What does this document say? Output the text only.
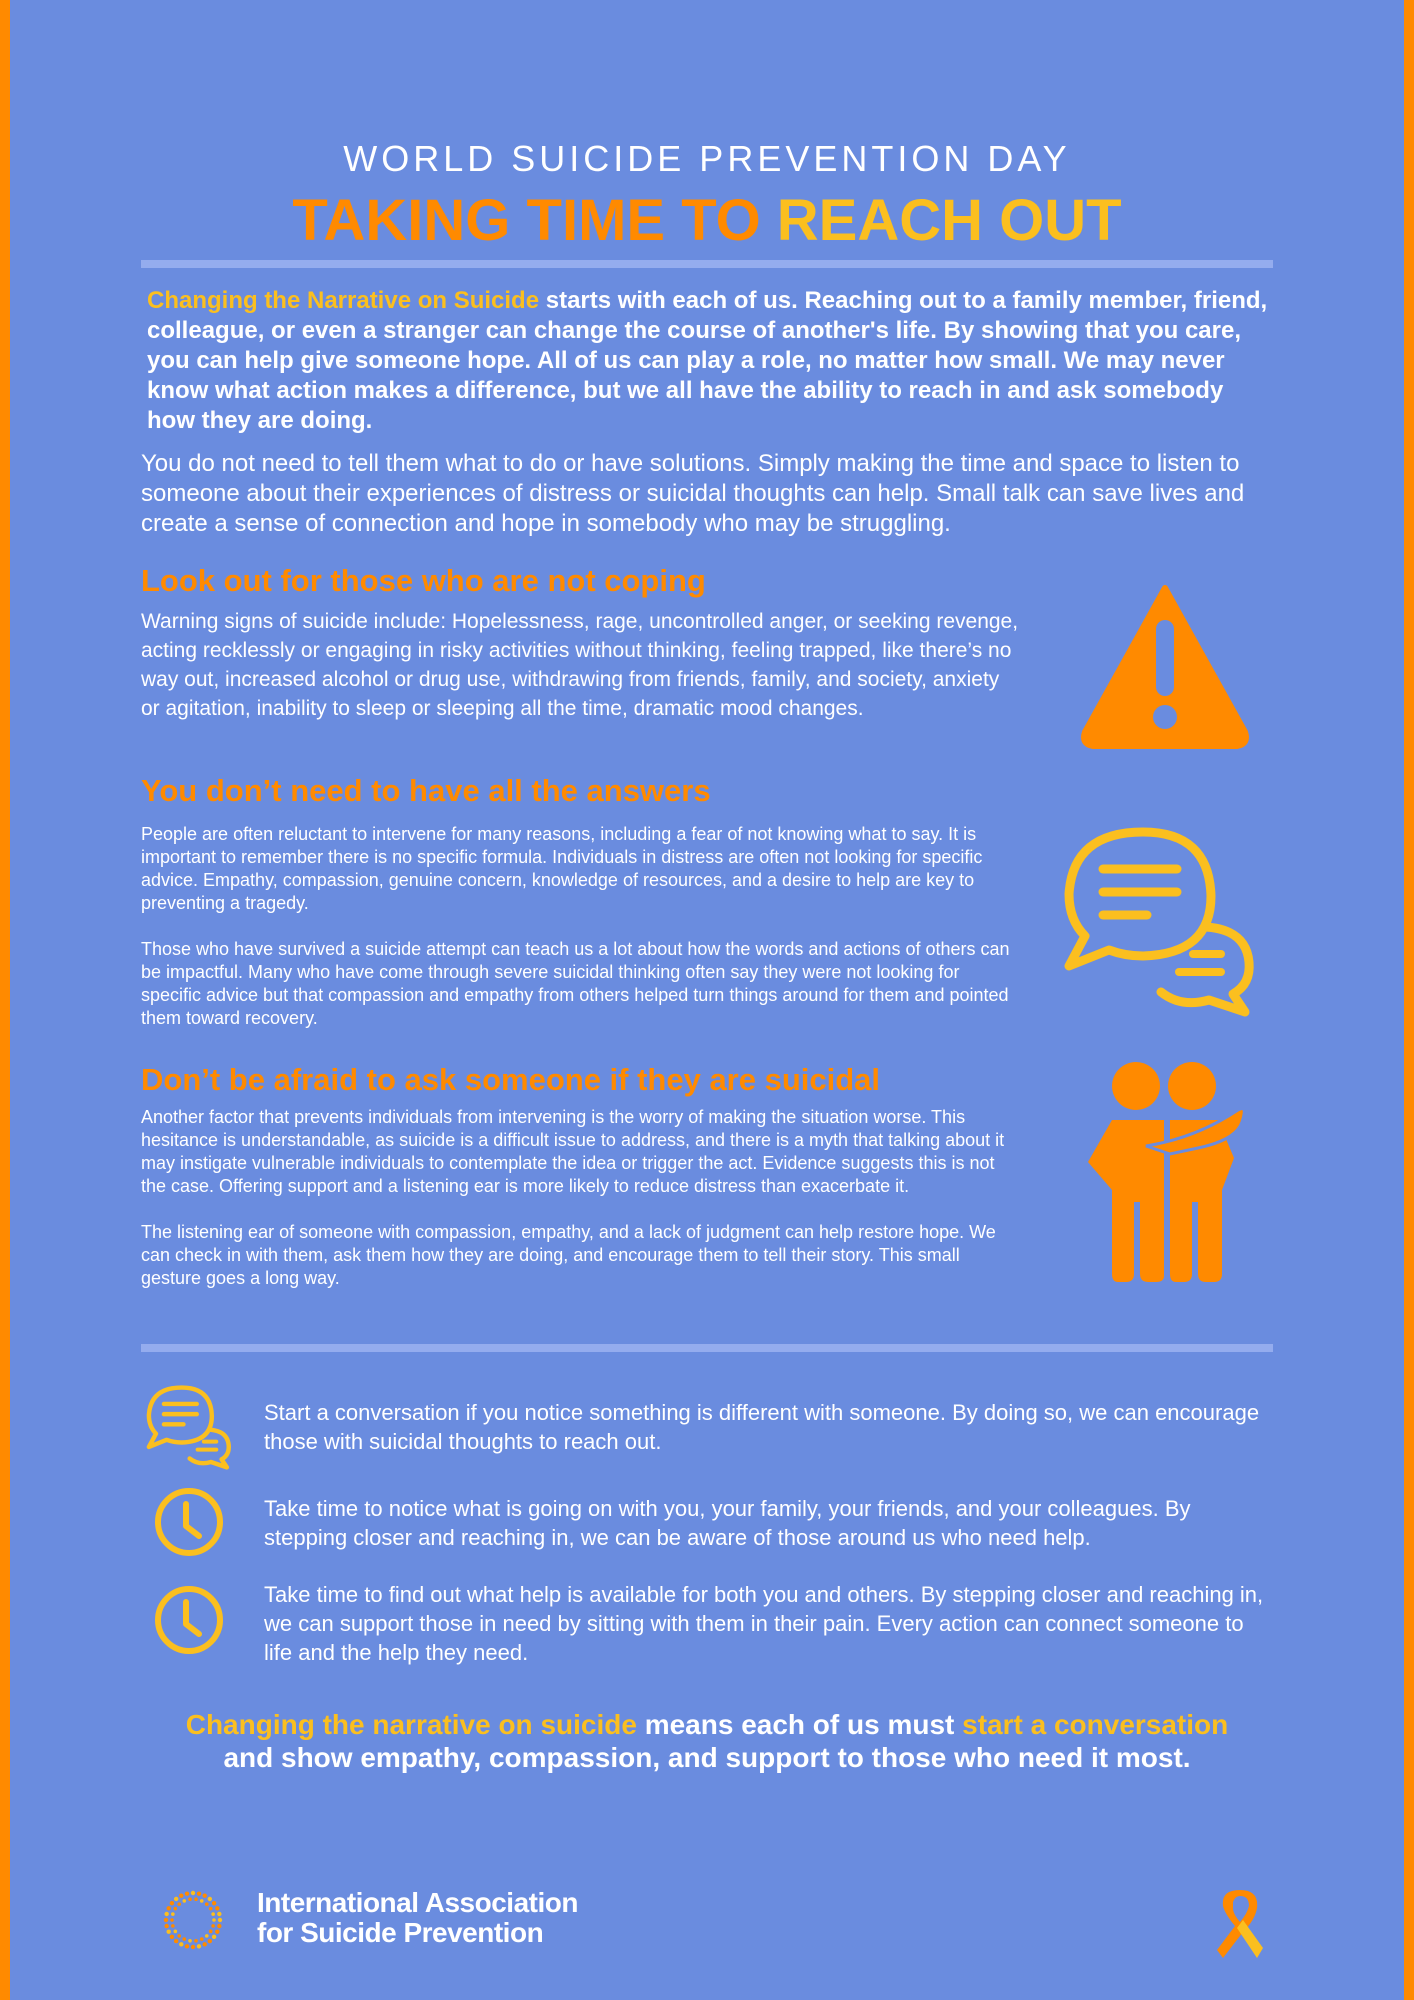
WORLD SUICIDE PREVENTION DAY
TAKING TIME TO REACH OUT
Changing the Narrative on Suicide starts with each of us. Reaching out to a family member, friend, colleague, or even a stranger can change the course of another's life. By showing that you care, you can help give someone hope. All of us can play a role, no matter how small. We may never know what action makes a difference, but we all have the ability to reach in and ask somebody how they are doing.
You do not need to tell them what to do or have solutions. Simply making the time and space to listen to someone about their experiences of distress or suicidal thoughts can help. Small talk can save lives and create a sense of connection and hope in somebody who may be struggling.
Look out for those who are not coping

Warning signs of suicide include: Hopelessness, rage, uncontrolled anger, or seeking revenge, acting recklessly or engaging in risky activities without thinking, feeling trapped, like there’s no way out, increased alcohol or drug use, withdrawing from friends, family, and society, anxiety or agitation, inability to sleep or sleeping all the time, dramatic mood changes.

You don’t need to have all the answers

People are often reluctant to intervene for many reasons, including a fear of not knowing what to say. It is important to remember there is no specific formula. Individuals in distress are often not looking for specific advice. Empathy, compassion, genuine concern, knowledge of resources, and a desire to help are key to preventing a tragedy.

Those who have survived a suicide attempt can teach us a lot about how the words and actions of others can be impactful. Many who have come through severe suicidal thinking often say they were not looking for specific advice but that compassion and empathy from others helped turn things around for them and pointed them toward recovery.

Don’t be afraid to ask someone if they are suicidal

Another factor that prevents individuals from intervening is the worry of making the situation worse. This hesitance is understandable, as suicide is a difficult issue to address, and there is a myth that talking about it may instigate vulnerable individuals to contemplate the idea or trigger the act. Evidence suggests this is not the case. Offering support and a listening ear is more likely to reduce distress than exacerbate it.

The listening ear of someone with compassion, empathy, and a lack of judgment can help restore hope. We can check in with them, ask them how they are doing, and encourage them to tell their story. This small gesture goes a long way.

Start a conversation if you notice something is different with someone. By doing so, we can encourage those with suicidal thoughts to reach out.
Take time to notice what is going on with you, your family, your friends, and your colleagues. By stepping closer and reaching in, we can be aware of those around us who need help.
Take time to find out what help is available for both you and others. By stepping closer and reaching in, we can support those in need by sitting with them in their pain. Every action can connect someone to life and the help they need.
Changing the narrative on suicide means each of us must start a conversation
and show empathy, compassion, and support to those who need it most.
International Association
for Suicide Prevention
